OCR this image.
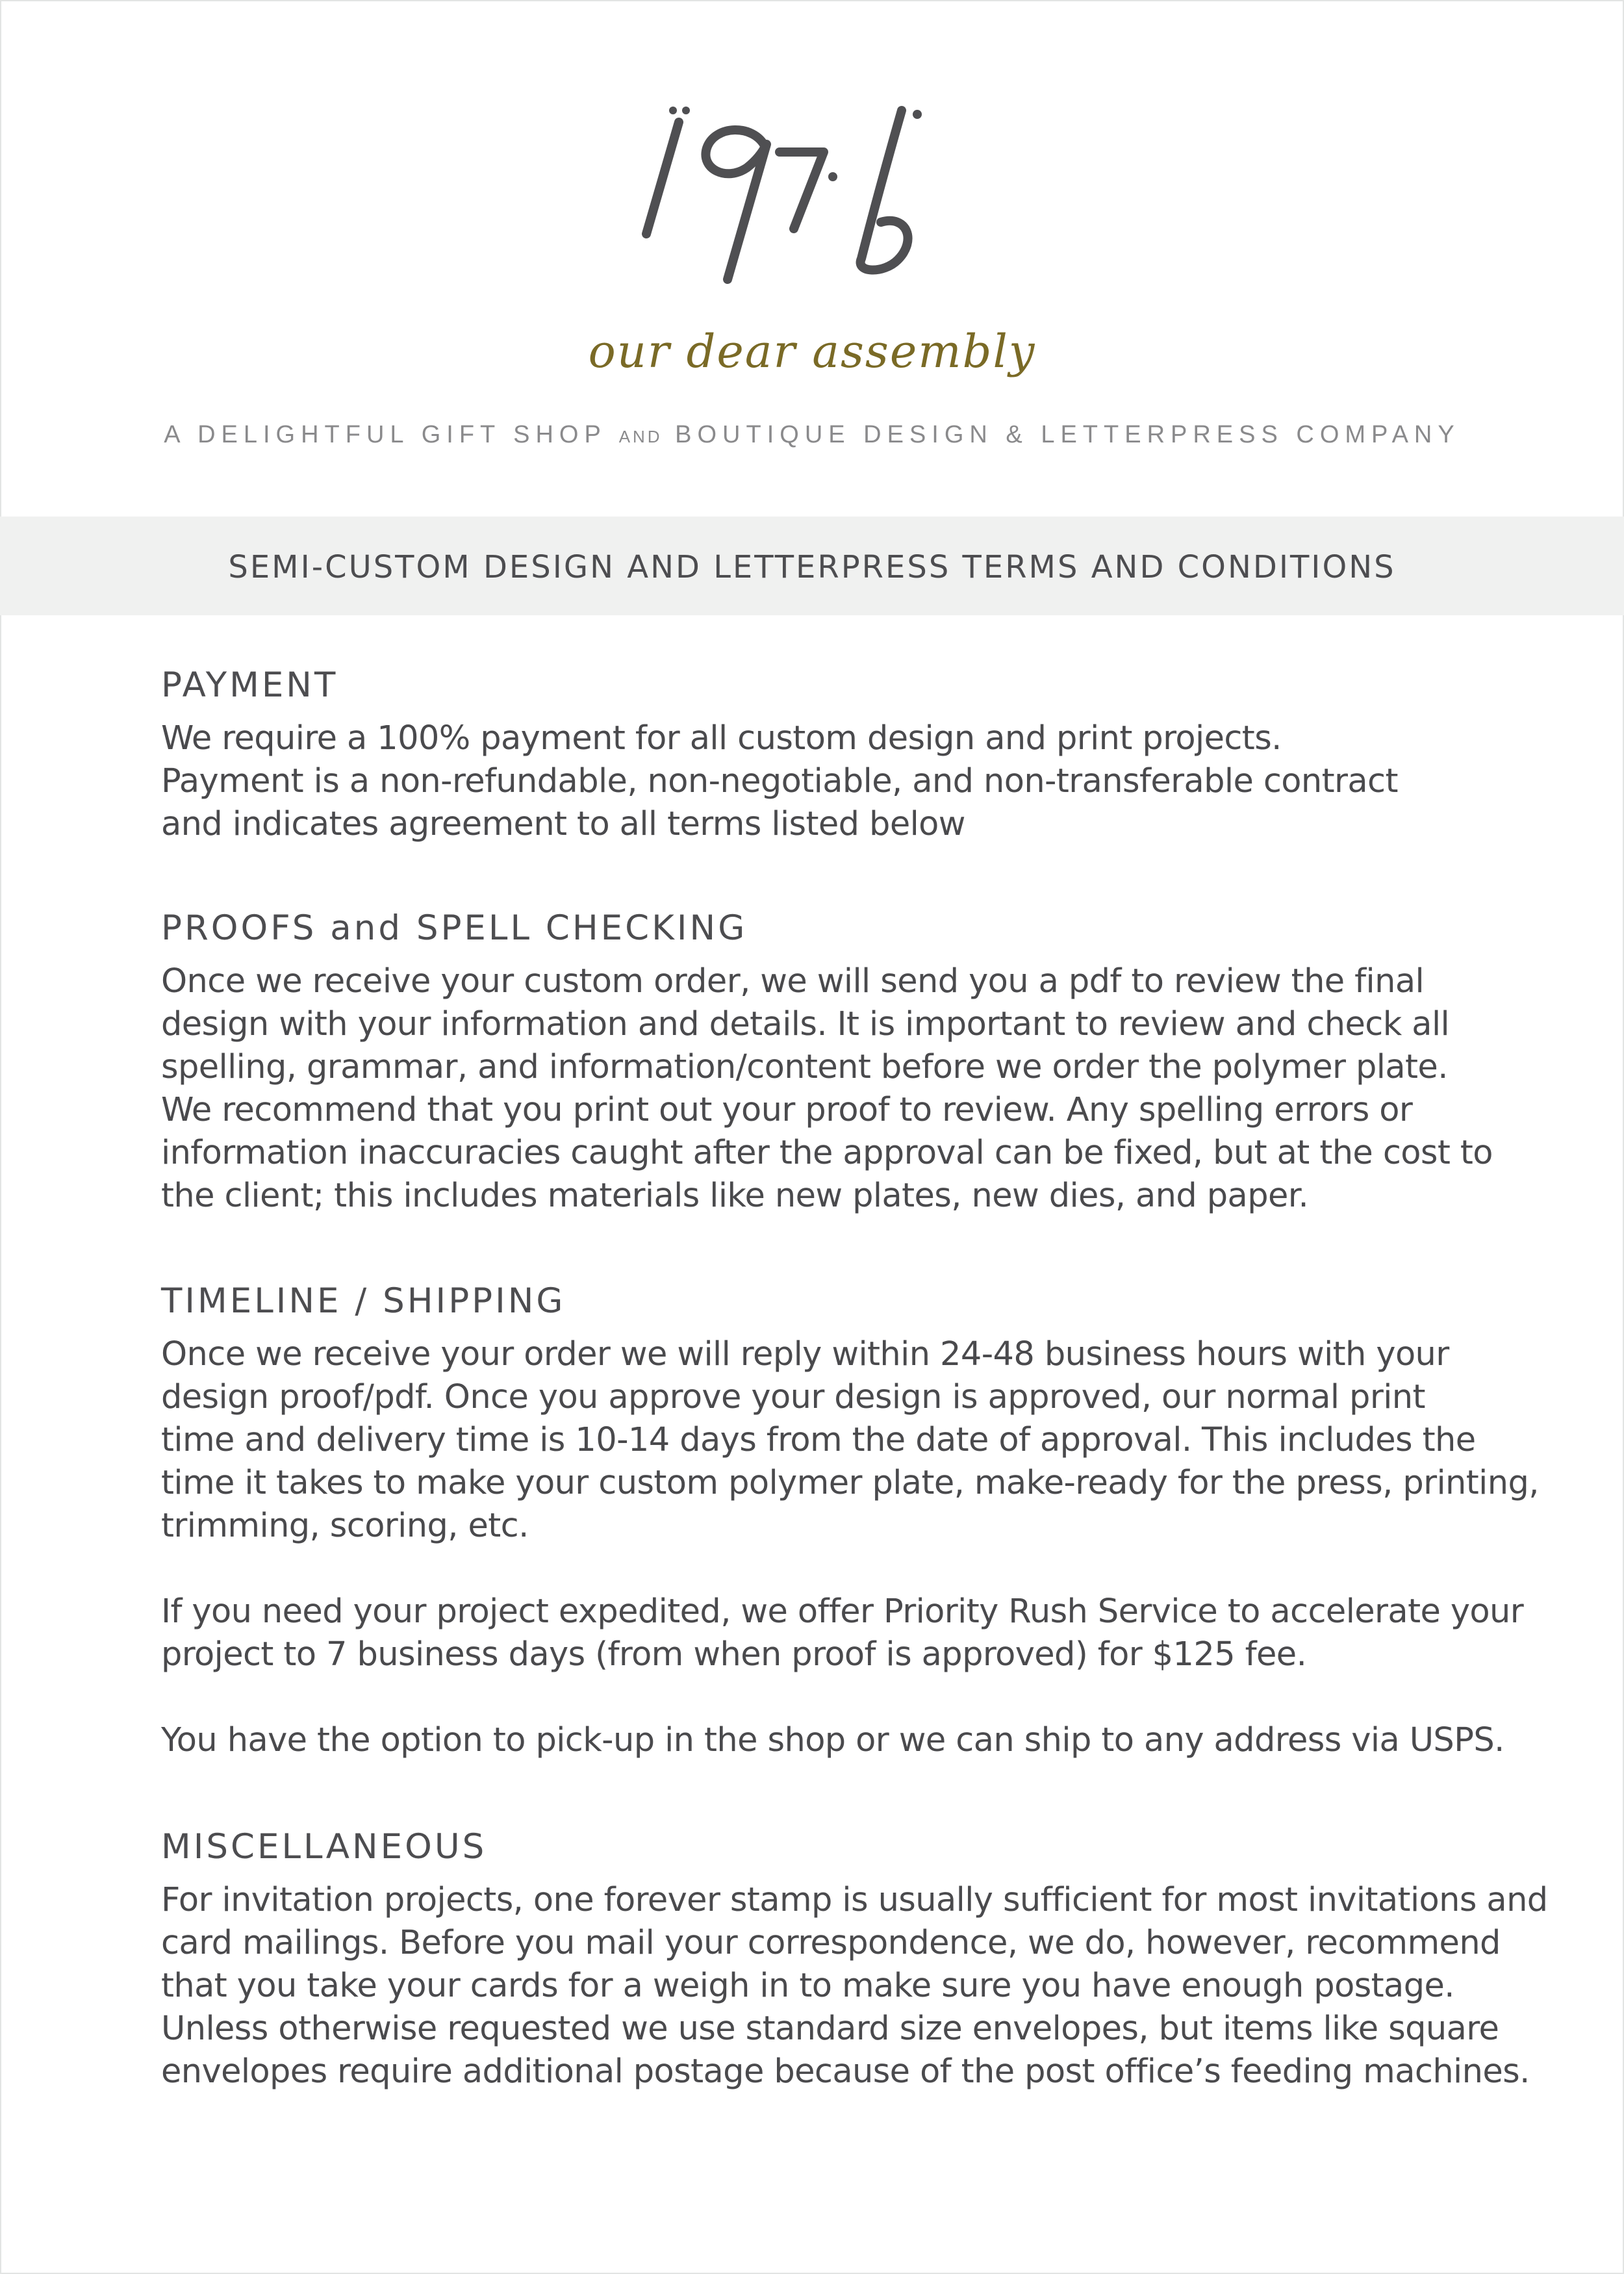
our dear assembly
A DELIGHTFUL GIFT SHOP AND BOUTIQUE DESIGN & LETTERPRESS COMPANY
SEMI-CUSTOM DESIGN AND LETTERPRESS TERMS AND CONDITIONS
PAYMENT

We require a 100% payment for all custom design and print projects.
Payment is a non-refundable, non-negotiable, and non-transferable contract
and indicates agreement to all terms listed below

PROOFS and SPELL CHECKING

Once we receive your custom order, we will send you a pdf to review the final
design with your information and details. It is important to review and check all
spelling, grammar, and information/content before we order the polymer plate.
We recommend that you print out your proof to review. Any spelling errors or
information inaccuracies caught after the approval can be fixed, but at the cost to
the client; this includes materials like new plates, new dies, and paper.

TIMELINE / SHIPPING

Once we receive your order we will reply within 24-48 business hours with your
design proof/pdf. Once you approve your design is approved, our normal print
time and delivery time is 10-14 days from the date of approval. This includes the
time it takes to make your custom polymer plate, make-ready for the press, printing,
trimming, scoring, etc.

If you need your project expedited, we offer Priority Rush Service to accelerate your
project to 7 business days (from when proof is approved) for $125 fee.

You have the option to pick-up in the shop or we can ship to any address via USPS.

MISCELLANEOUS

For invitation projects, one forever stamp is usually sufficient for most invitations and
card mailings. Before you mail your correspondence, we do, however, recommend
that you take your cards for a weigh in to make sure you have enough postage.
Unless otherwise requested we use standard size envelopes, but items like square
envelopes require additional postage because of the post office’s feeding machines.
